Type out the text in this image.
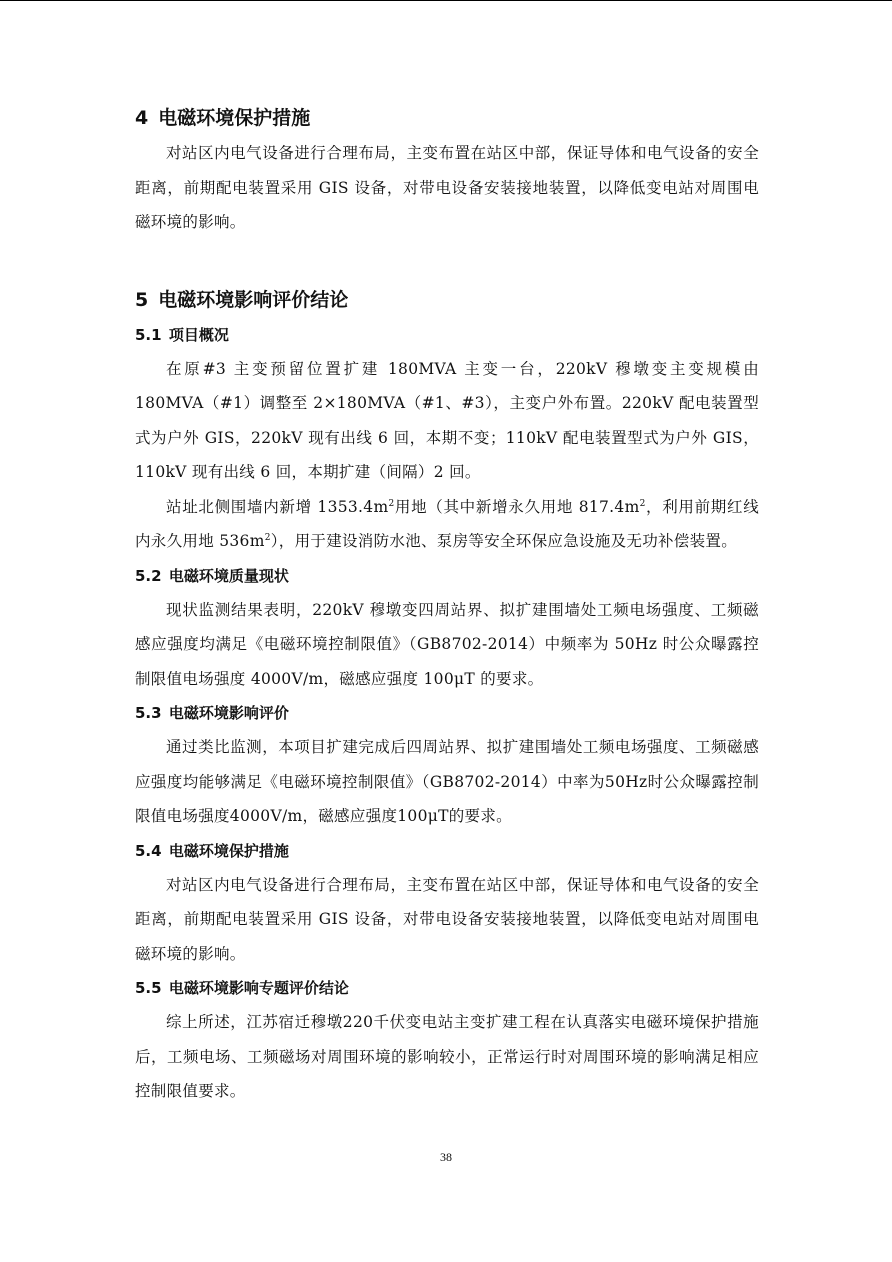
4 电磁环境保护措施

对站区内电气设备进行合理布局，主变布置在站区中部，保证导体和电气设备的安全距离，前期配电装置采用 GIS 设备，对带电设备安装接地装置，以降低变电站对周围电磁环境的影响。

5 电磁环境影响评价结论
5.1 项目概况

在原#3 主变预留位置扩建 180MVA 主变一台，220kV 穆墩变主变规模由 180MVA（#1）调整至 2×180MVA（#1、#3），主变户外布置。220kV 配电装置型式为户外 GIS，220kV 现有出线 6 回，本期不变；110kV 配电装置型式为户外 GIS，110kV 现有出线 6 回，本期扩建（间隔）2 回。

站址北侧围墙内新增 $1353.4m^2$用地（其中新增永久用地 $817.4m^2$，利用前期红线内永久用地 $536m^2$），用于建设消防水池、泵房等安全环保应急设施及无功补偿装置。

5.2 电磁环境质量现状

现状监测结果表明，220kV 穆墩变四周站界、拟扩建围墙处工频电场强度、工频磁感应强度均满足《电磁环境控制限值》（GB8702-2014）中频率为 50Hz 时公众曝露控制限值电场强度 4000V/m，磁感应强度 100μT 的要求。

5.3 电磁环境影响评价

通过类比监测，本项目扩建完成后四周站界、拟扩建围墙处工频电场强度、工频磁感应强度均能够满足《电磁环境控制限值》（GB8702-2014）中率为50Hz时公众曝露控制限值电场强度4000V/m，磁感应强度100μT的要求。

5.4 电磁环境保护措施

对站区内电气设备进行合理布局，主变布置在站区中部，保证导体和电气设备的安全距离，前期配电装置采用 GIS 设备，对带电设备安装接地装置，以降低变电站对周围电磁环境的影响。

5.5 电磁环境影响专题评价结论

综上所述，江苏宿迁穆墩220千伏变电站主变扩建工程在认真落实电磁环境保护措施后，工频电场、工频磁场对周围环境的影响较小，正常运行时对周围环境的影响满足相应控制限值要求。

38
